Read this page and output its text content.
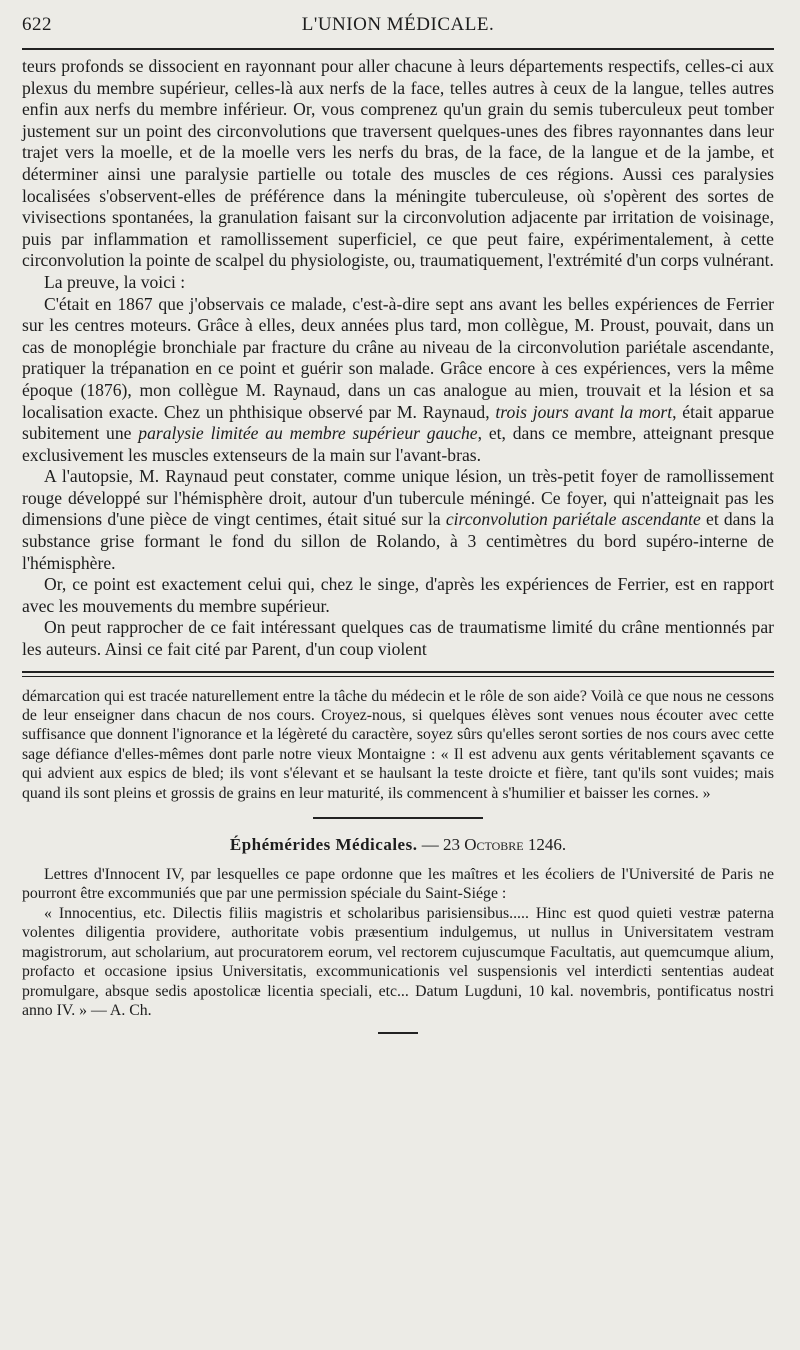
622	L'UNION MÉDICALE.

teurs profonds se dissocient en rayonnant pour aller chacune à leurs départements respectifs, celles-ci aux plexus du membre supérieur, celles-là aux nerfs de la face, telles autres à ceux de la langue, telles autres enfin aux nerfs du membre inférieur. Or, vous comprenez qu'un grain du semis tuberculeux peut tomber justement sur un point des circonvolutions que traversent quelques-unes des fibres rayonnantes dans leur trajet vers la moelle, et de la moelle vers les nerfs du bras, de la face, de la langue et de la jambe, et déterminer ainsi une paralysie partielle ou totale des muscles de ces régions. Aussi ces paralysies localisées s'observent-elles de préférence dans la méningite tuberculeuse, où s'opèrent des sortes de vivisections spontanées, la granulation faisant sur la circonvolution adjacente par irritation de voisinage, puis par inflammation et ramollissement superficiel, ce que peut faire, expérimentalement, à cette circonvolution la pointe de scalpel du physiologiste, ou, traumatiquement, l'extrémité d'un corps vulnérant.

La preuve, la voici :

C'était en 1867 que j'observais ce malade, c'est-à-dire sept ans avant les belles expériences de Ferrier sur les centres moteurs. Grâce à elles, deux années plus tard, mon collègue, M. Proust, pouvait, dans un cas de monoplégie bronchiale par fracture du crâne au niveau de la circonvolution pariétale ascendante, pratiquer la trépanation en ce point et guérir son malade. Grâce encore à ces expériences, vers la même époque (1876), mon collègue M. Raynaud, dans un cas analogue au mien, trouvait et la lésion et sa localisation exacte. Chez un phthisique observé par M. Raynaud, trois jours avant la mort, était apparue subitement une paralysie limitée au membre supérieur gauche, et, dans ce membre, atteignant presque exclusivement les muscles extenseurs de la main sur l'avant-bras.

A l'autopsie, M. Raynaud peut constater, comme unique lésion, un très-petit foyer de ramollissement rouge développé sur l'hémisphère droit, autour d'un tubercule méningé. Ce foyer, qui n'atteignait pas les dimensions d'une pièce de vingt centimes, était situé sur la circonvolution pariétale ascendante et dans la substance grise formant le fond du sillon de Rolando, à 3 centimètres du bord supéro-interne de l'hémisphère.

Or, ce point est exactement celui qui, chez le singe, d'après les expériences de Ferrier, est en rapport avec les mouvements du membre supérieur.

On peut rapprocher de ce fait intéressant quelques cas de traumatisme limité du crâne mentionnés par les auteurs. Ainsi ce fait cité par Parent, d'un coup violent

démarcation qui est tracée naturellement entre la tâche du médecin et le rôle de son aide? Voilà ce que nous ne cessons de leur enseigner dans chacun de nos cours. Croyez-nous, si quelques élèves sont venues nous écouter avec cette suffisance que donnent l'ignorance et la légèreté du caractère, soyez sûrs qu'elles seront sorties de nos cours avec cette sage défiance d'elles-mêmes dont parle notre vieux Montaigne : « Il est advenu aux gents véritablement sçavants ce qui advient aux espics de bled; ils vont s'élevant et se haulsant la teste droicte et fière, tant qu'ils sont vuides; mais quand ils sont pleins et grossis de grains en leur maturité, ils commencent à s'humilier et baisser les cornes. »

Éphémérides Médicales. — 23 Octobre 1246.

Lettres d'Innocent IV, par lesquelles ce pape ordonne que les maîtres et les écoliers de l'Université de Paris ne pourront être excommuniés que par une permission spéciale du Saint-Siége :

« Innocentius, etc. Dilectis filiis magistris et scholaribus parisiensibus..... Hinc est quod quieti vestræ paterna volentes diligentia providere, authoritate vobis præsentium indulgemus, ut nullus in Universitatem vestram magistrorum, aut scholarium, aut procuratorem eorum, vel rectorem cujuscumque Facultatis, aut quemcumque alium, profacto et occasione ipsius Universitatis, excommunicationis vel suspensionis vel interdicti sententias audeat promulgare, absque sedis apostolicæ licentia speciali, etc... Datum Lugduni, 10 kal. novembris, pontificatus nostri anno IV. » — A. Ch.
